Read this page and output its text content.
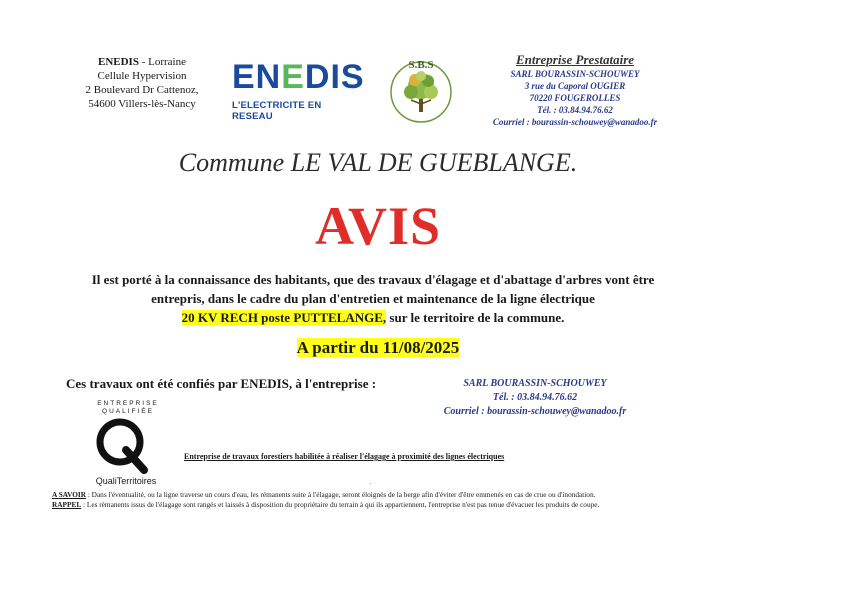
ENEDIS - Lorraine
Cellule Hypervision
2 Boulevard Dr Cattenoz,
54600 Villers-lès-Nancy
ENEDIS
L'ELECTRICITE EN RESEAU
S.B.S	Entreprise Prestataire
SARL BOURASSIN-SCHOUWEY
3 rue du Caporal OUGIER
70220 FOUGEROLLES
Tél. : 03.84.94.76.62
Courriel : bourassin-schouwey@wanadoo.fr
Commune LE VAL DE GUEBLANGE.
AVIS
Il est porté à la connaissance des habitants, que des travaux d'élagage et d'abattage d'arbres vont être
entrepris, dans le cadre du plan d'entretien et maintenance de la ligne électrique
20 KV RECH poste PUTTELANGE, sur le territoire de la commune.
A partir du 11/08/2025
Ces travaux ont été confiés par ENEDIS, à l'entreprise :	SARL BOURASSIN-SCHOUWEY
Tél. : 03.84.94.76.62
Courriel : bourassin-schouwey@wanadoo.fr
ENTREPRISE QUALIFIÉE
QualiTerritoires
Entreprise de travaux forestiers habilitée à réaliser l'élagage à proximité des lignes électriques
.
A SAVOIR : Dans l'éventualité, ou la ligne traverse un cours d'eau, les rémanents suite à l'élagage, seront éloignés de la berge afin d'éviter d'être emmenés en cas de crue ou d'inondation.
RAPPEL : Les rémanents issus de l'élagage sont rangés et laissés à disposition du propriétaire du terrain à qui ils appartiennent, l'entreprise n'est pas tenue d'évacuer les produits de coupe.
